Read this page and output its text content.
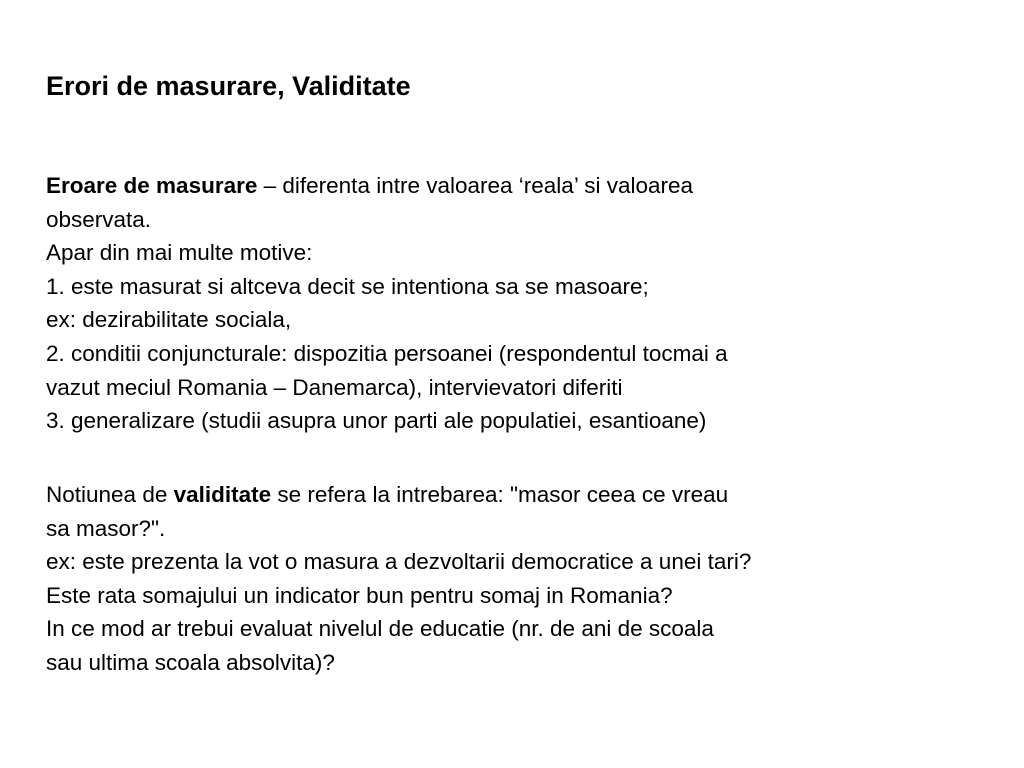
Erori de masurare, Validitate
Eroare de masurare – diferenta intre valoarea ‘reala’ si valoarea
observata.
Apar din mai multe motive:
1. este masurat si altceva decit se intentiona sa se masoare;
ex: dezirabilitate sociala,
2. conditii conjuncturale: dispozitia persoanei (respondentul tocmai a
vazut meciul Romania – Danemarca), intervievatori diferiti
3. generalizare (studii asupra unor parti ale populatiei, esantioane)
Notiunea de validitate se refera la intrebarea: "masor ceea ce vreau
sa masor?".
ex: este prezenta la vot o masura a dezvoltarii democratice a unei tari?
Este rata somajului un indicator bun pentru somaj in Romania?
In ce mod ar trebui evaluat nivelul de educatie (nr. de ani de scoala
sau ultima scoala absolvita)?
